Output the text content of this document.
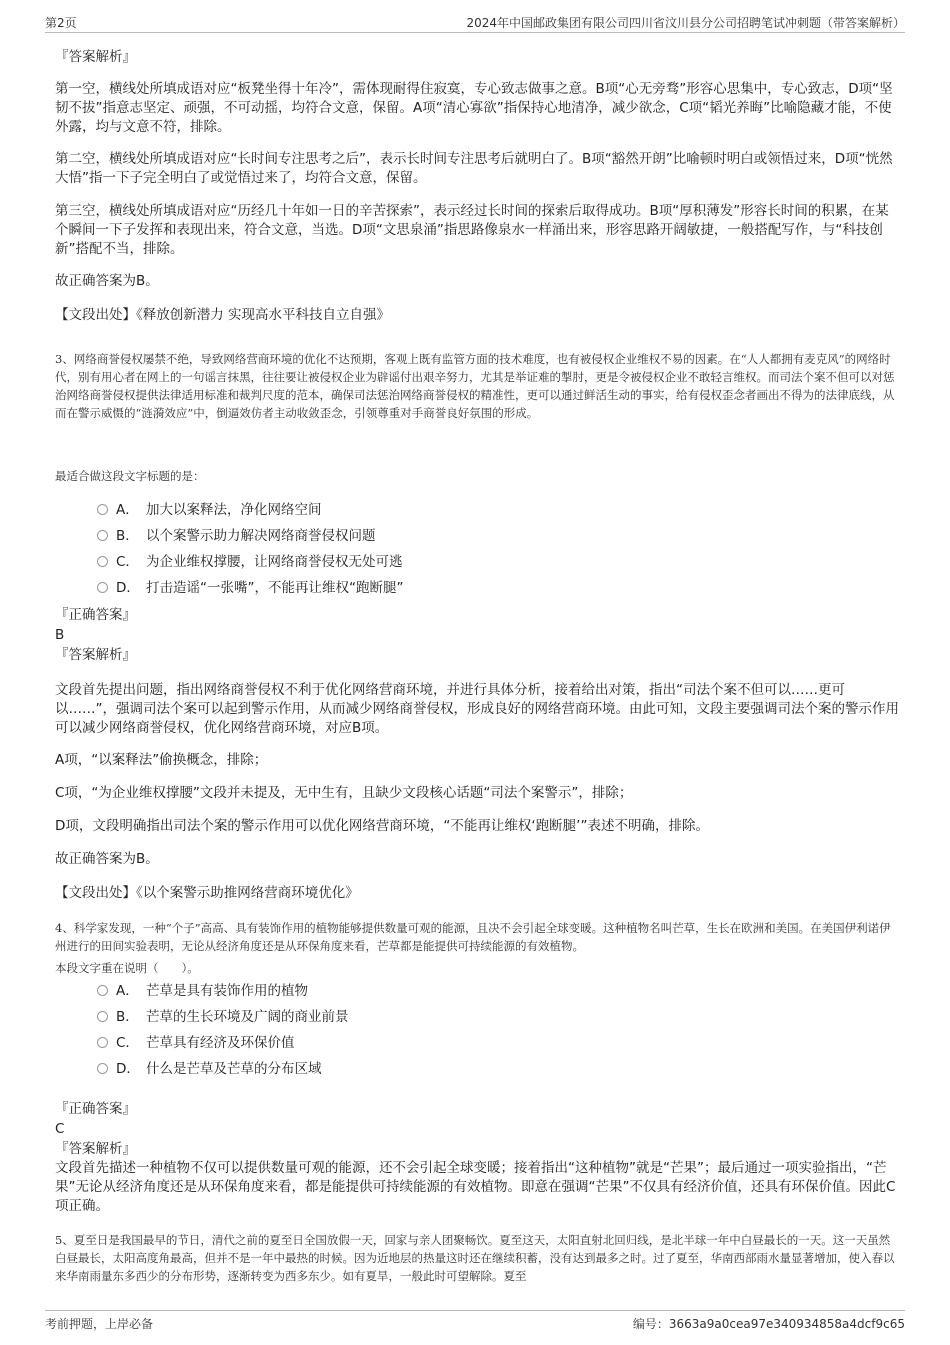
第2页	2024年中国邮政集团有限公司四川省汶川县分公司招聘笔试冲刺题（带答案解析）
『答案解析』

第一空，横线处所填成语对应“板凳坐得十年冷”，需体现耐得住寂寞，专心致志做事之意。B项“心无旁骛”形容心思集中，专心致志，D项“坚韧不拔”指意志坚定、顽强，不可动摇，均符合文意，保留。A项“清心寡欲”指保持心地清净，减少欲念，C项“韬光养晦”比喻隐藏才能，不使外露，均与文意不符，排除。

第二空，横线处所填成语对应“长时间专注思考之后”，表示长时间专注思考后就明白了。B项“豁然开朗”比喻顿时明白或领悟过来，D项“恍然大悟”指一下子完全明白了或觉悟过来了，均符合文意，保留。

第三空，横线处所填成语对应“历经几十年如一日的辛苦探索”，表示经过长时间的探索后取得成功。B项“厚积薄发”形容长时间的积累，在某个瞬间一下子发挥和表现出来，符合文意，当选。D项“文思泉涌”指思路像泉水一样涌出来，形容思路开阔敏捷，一般搭配写作，与“科技创新”搭配不当，排除。

故正确答案为B。

【文段出处】《释放创新潜力 实现高水平科技自立自强》

3、网络商誉侵权屡禁不绝，导致网络营商环境的优化不达预期，客观上既有监管方面的技术难度，也有被侵权企业维权不易的因素。在“人人都拥有麦克风”的网络时代，别有用心者在网上的一句谣言抹黑，往往要让被侵权企业为辟谣付出艰辛努力，尤其是举证难的掣肘，更是令被侵权企业不敢轻言维权。而司法个案不但可以对惩治网络商誉侵权提供法律适用标准和裁判尺度的范本，确保司法惩治网络商誉侵权的精准性，更可以通过鲜活生动的事实，给有侵权歪念者画出不得为的法律底线，从而在警示威慑的“涟漪效应”中，倒逼效仿者主动收敛歪念，引领尊重对手商誉良好氛围的形成。

最适合做这段文字标题的是：

A． 加大以案释法，净化网络空间
B． 以个案警示助力解决网络商誉侵权问题
C． 为企业维权撑腰，让网络商誉侵权无处可逃
D． 打击造谣“一张嘴”，不能再让维权“跑断腿”
『正确答案』
B
『答案解析』

文段首先提出问题，指出网络商誉侵权不利于优化网络营商环境，并进行具体分析，接着给出对策，指出“司法个案不但可以……更可以……”，强调司法个案可以起到警示作用，从而减少网络商誉侵权，形成良好的网络营商环境。由此可知，文段主要强调司法个案的警示作用可以减少网络商誉侵权，优化网络营商环境，对应B项。

A项，“以案释法”偷换概念，排除；

C项，“为企业维权撑腰”文段并未提及，无中生有，且缺少文段核心话题“司法个案警示”，排除；

D项，文段明确指出司法个案的警示作用可以优化网络营商环境，“不能再让维权‘跑断腿’”表述不明确，排除。

故正确答案为B。

【文段出处】《以个案警示助推网络营商环境优化》

4、科学家发现，一种“个子”高高、具有装饰作用的植物能够提供数量可观的能源，且决不会引起全球变暖。这种植物名叫芒草，生长在欧洲和美国。在美国伊利诺伊州进行的田间实验表明，无论从经济角度还是从环保角度来看，芒草都是能提供可持续能源的有效植物。

本段文字重在说明（　　）。

A． 芒草是具有装饰作用的植物
B． 芒草的生长环境及广阔的商业前景
C． 芒草具有经济及环保价值
D． 什么是芒草及芒草的分布区域
『正确答案』
C
『答案解析』

文段首先描述一种植物不仅可以提供数量可观的能源，还不会引起全球变暖；接着指出“这种植物”就是“芒果”；最后通过一项实验指出，“芒果”无论从经济角度还是从环保角度来看，都是能提供可持续能源的有效植物。即意在强调“芒果”不仅具有经济价值，还具有环保价值。因此C项正确。

5、夏至日是我国最早的节日，清代之前的夏至日全国放假一天，回家与亲人团聚畅饮。夏至这天，太阳直射北回归线，是北半球一年中白昼最长的一天。这一天虽然白昼最长，太阳高度角最高，但并不是一年中最热的时候。因为近地层的热量这时还在继续积蓄，没有达到最多之时。过了夏至，华南西部雨水量显著增加，使入春以来华南雨量东多西少的分布形势，逐渐转变为西多东少。如有夏旱，一般此时可望解除。夏至

考前押题，上岸必备	编号：3663a9a0cea97e340934858a4dcf9c65
